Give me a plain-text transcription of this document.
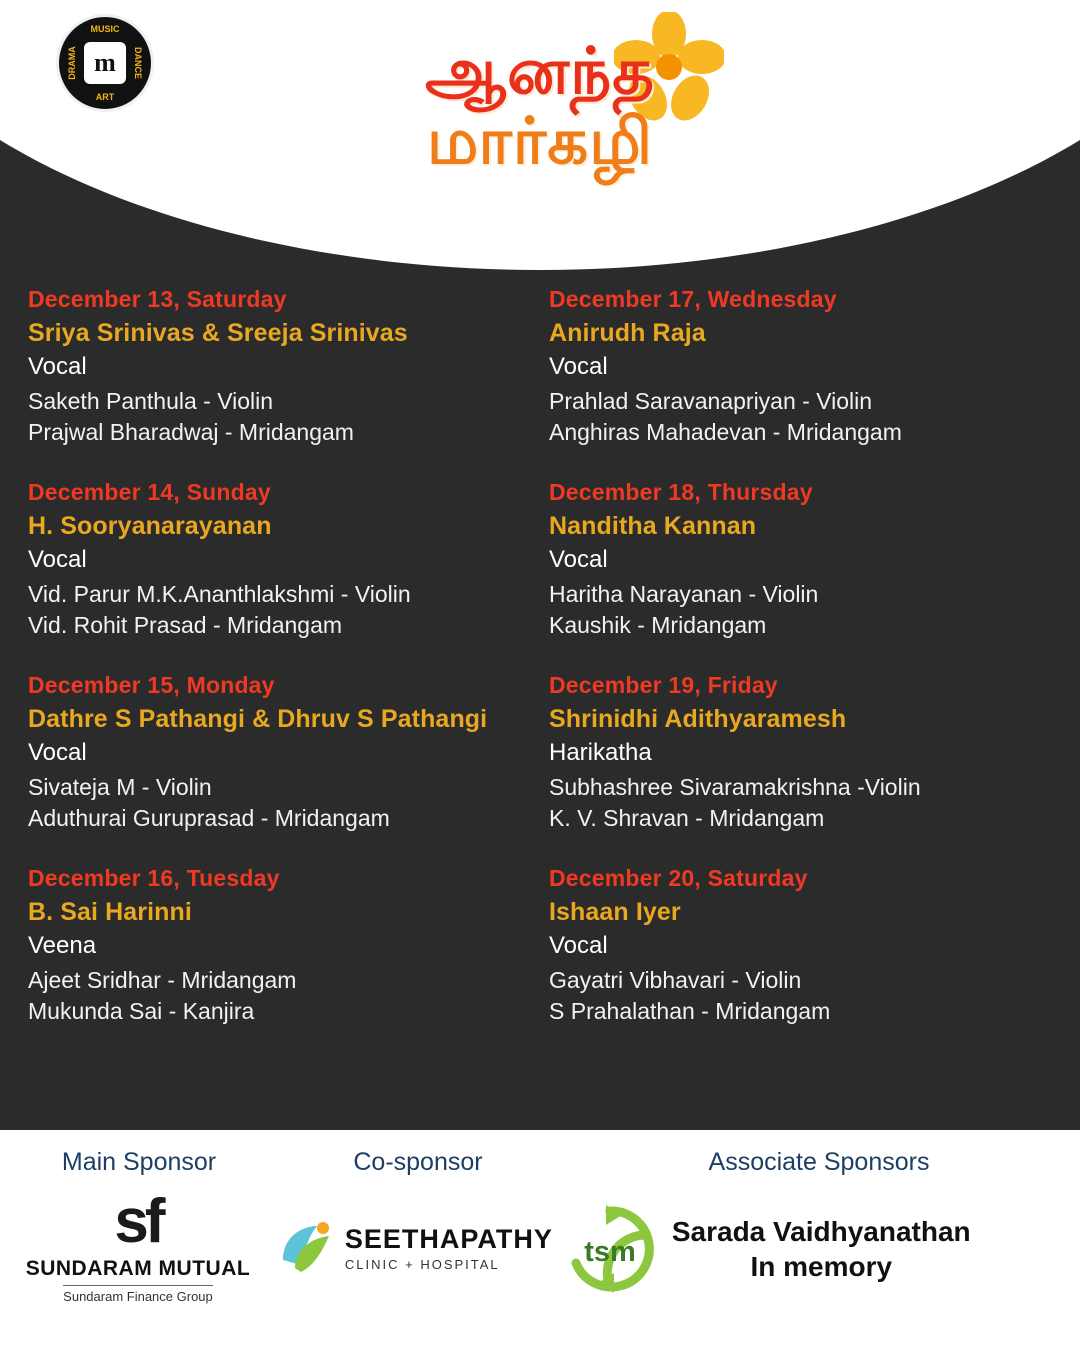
MUSIC
DANCE
ART
DRAMA m	ஆனந்த
மார்கழி
December 13, Saturday
Sriya Srinivas & Sreeja Srinivas
Vocal
Saketh Panthula - Violin
Prajwal Bharadwaj - Mridangam
December 14, Sunday
H. Sooryanarayanan
Vocal
Vid. Parur M.K.Ananthlakshmi - Violin
Vid. Rohit Prasad - Mridangam
December 15, Monday
Dathre S Pathangi & Dhruv S Pathangi
Vocal
Sivateja M - Violin
Aduthurai Guruprasad - Mridangam
December 16, Tuesday
B. Sai Harinni
Veena
Ajeet Sridhar - Mridangam
Mukunda Sai - Kanjira
December 17, Wednesday
Anirudh Raja
Vocal
Prahlad Saravanapriyan - Violin
Anghiras Mahadevan - Mridangam
December 18, Thursday
Nanditha Kannan
Vocal
Haritha Narayanan - Violin
Kaushik - Mridangam
December 19, Friday
Shrinidhi Adithyaramesh
Harikatha
Subhashree Sivaramakrishna -Violin
K. V. Shravan - Mridangam
December 20, Saturday
Ishaan Iyer
Vocal
Gayatri Vibhavari - Violin
S Prahalathan - Mridangam
Main Sponsor	Co-sponsor	Associate Sponsors
sf
SUNDARAM MUTUAL
Sundaram Finance Group
SEETHAPATHY
CLINIC + HOSPITAL	tsm
Sarada Vaidhyanathan
In memory
